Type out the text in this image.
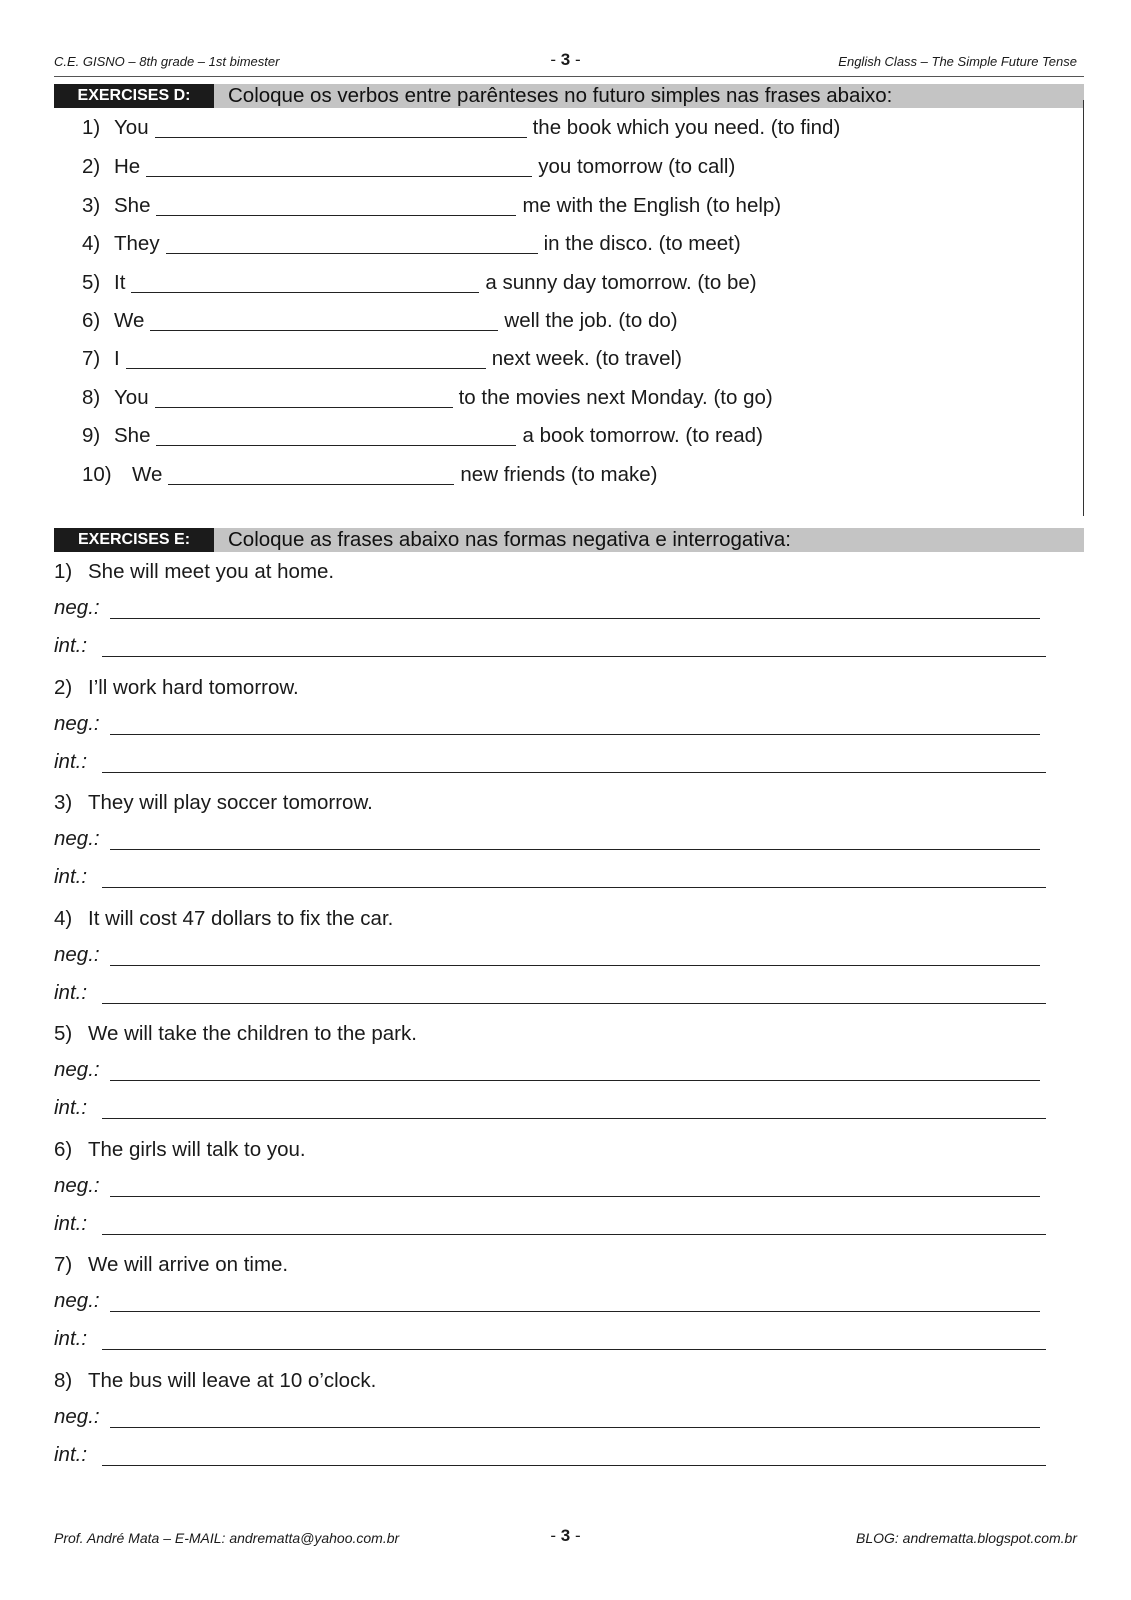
C.E. GISNO – 8th grade – 1st bimester	- 3 -	English Class – The Simple Future Tense
EXERCISES D:	Coloque os verbos entre parênteses no futuro simples nas frases abaixo:
1) You	the book which you need. (to find)
2) He	you tomorrow (to call)
3) She	me with the English (to help)
4) They	in the disco. (to meet)
5) It	a sunny day tomorrow. (to be)
6) We	well the job. (to do)
7) I	next week. (to travel)
8) You	to the movies next Monday. (to go)
9) She	a book tomorrow. (to read)
10) We	new friends (to make)
EXERCISES E:	Coloque as frases abaixo nas formas negativa e interrogativa:
1) She will meet you at home.
neg.:
int.:
2) I’ll work hard tomorrow.
neg.:
int.:
3) They will play soccer tomorrow.
neg.:
int.:
4) It will cost 47 dollars to fix the car.
neg.:
int.:
5) We will take the children to the park.
neg.:
int.:
6) The girls will talk to you.
neg.:
int.:
7) We will arrive on time.
neg.:
int.:
8) The bus will leave at 10 o’clock.
neg.:
int.:
Prof. André Mata – E-MAIL: andrematta@yahoo.com.br	- 3 -	BLOG: andrematta.blogspot.com.br
